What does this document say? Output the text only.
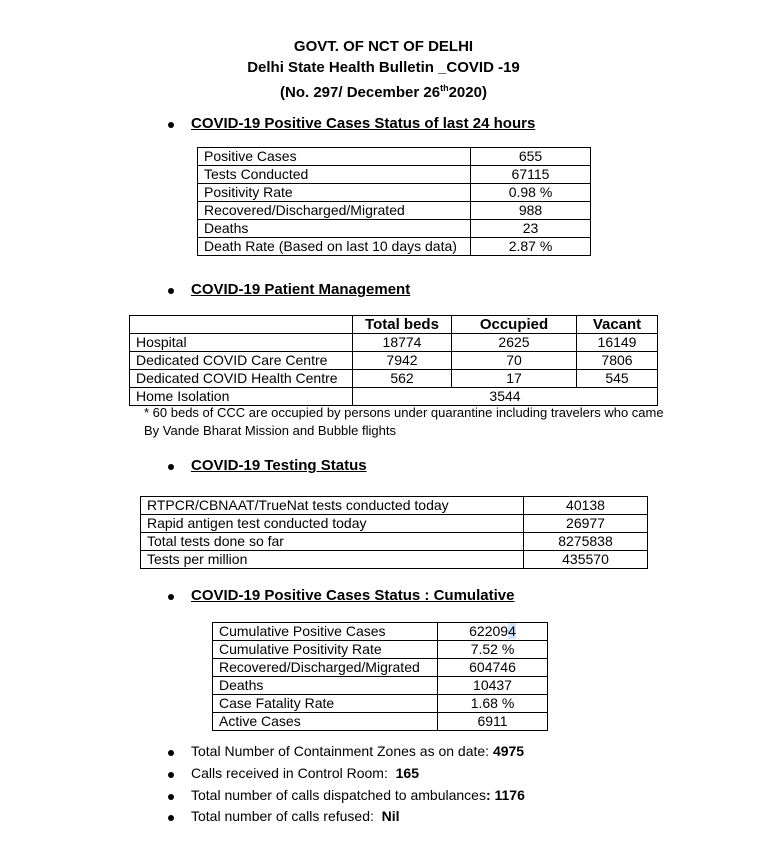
GOVT. OF NCT OF DELHI
Delhi State Health Bulletin _COVID -19
(No. 297/ December 26th2020)
COVID-19 Positive Cases Status of last 24 hours
Positive Cases	655
Tests Conducted	67115
Positivity Rate	0.98 %
Recovered/Discharged/Migrated	988
Deaths	23
Death Rate (Based on last 10 days data)	2.87 %
COVID-19 Patient Management
	Total beds	Occupied	Vacant
Hospital	18774	2625	16149
Dedicated COVID Care Centre	7942	70	7806
Dedicated COVID Health Centre	562	17	545
Home Isolation	3544		
* 60 beds of CCC are occupied by persons under quarantine including travelers who came
By Vande Bharat Mission and Bubble flights
COVID-19 Testing Status
RTPCR/CBNAAT/TrueNat tests conducted today	40138
Rapid antigen test conducted today	26977
Total tests done so far	8275838
Tests per million	435570
COVID-19 Positive Cases Status : Cumulative
Cumulative Positive Cases	622094
Cumulative Positivity Rate	7.52 %
Recovered/Discharged/Migrated	604746
Deaths	10437
Case Fatality Rate	1.68 %
Active Cases	6911
Total Number of Containment Zones as on date: 4975
Calls received in Control Room:  165
Total number of calls dispatched to ambulances: 1176
Total number of calls refused:  Nil
